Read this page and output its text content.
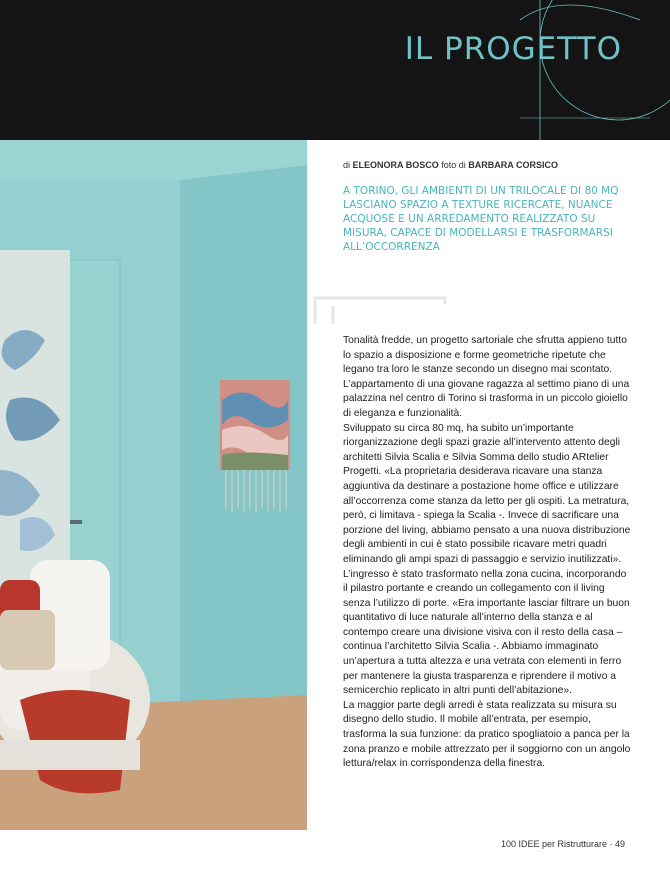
IL PROGETTO
di ELEONORA BOSCO foto di BARBARA CORSICO
A TORINO, GLI AMBIENTI DI UN TRILOCALE DI 80 MQ LASCIANO SPAZIO A TEXTURE RICERCATE, NUANCE ACQUOSE E UN ARREDAMENTO REALIZZATO SU MISURA, CAPACE DI MODELLARSI E TRASFORMARSI ALL’OCCORRENZA

Tonalità fredde, un progetto sartoriale che sfrutta appieno tutto lo spazio a disposizione e forme geometriche ripetute che legano tra loro le stanze secondo un disegno mai scontato. L’appartamento di una giovane ragazza al settimo piano di una palazzina nel centro di Torino si trasforma in un piccolo gioiello di eleganza e funzionalità.

Sviluppato su circa 80 mq, ha subito un’importante riorganizzazione degli spazi grazie all’intervento attento degli architetti Silvia Scalia e Silvia Somma dello studio ARtelier Progetti. «La proprietaria desiderava ricavare una stanza aggiuntiva da destinare a postazione home office e utilizzare all’occorrenza come stanza da letto per gli ospiti. La metratura, però, ci limitava - spiega la Scalia -. Invece di sacrificare una porzione del living, abbiamo pensato a una nuova distribuzione degli ambienti in cui è stato possibile ricavare metri quadri eliminando gli ampi spazi di passaggio e servizio inutilizzati».

L’ingresso è stato trasformato nella zona cucina, incorporando il pilastro portante e creando un collegamento con il living senza l’utilizzo di porte. «Era importante lasciar filtrare un buon quantitativo di luce naturale all’interno della stanza e al contempo creare una divisione visiva con il resto della casa – continua l’architetto Silvia Scalia -. Abbiamo immaginato un’apertura a tutta altezza e una vetrata con elementi in ferro per mantenere la giusta trasparenza e riprendere il motivo a semicerchio replicato in altri punti dell’abitazione».

La maggior parte degli arredi è stata realizzata su misura su disegno dello studio. Il mobile all’entrata, per esempio, trasforma la sua funzione: da pratico spogliatoio a panca per la zona pranzo e mobile attrezzato per il soggiorno con un angolo lettura/relax in corrispondenza della finestra.

100 IDEE per Ristrutturare · 49
